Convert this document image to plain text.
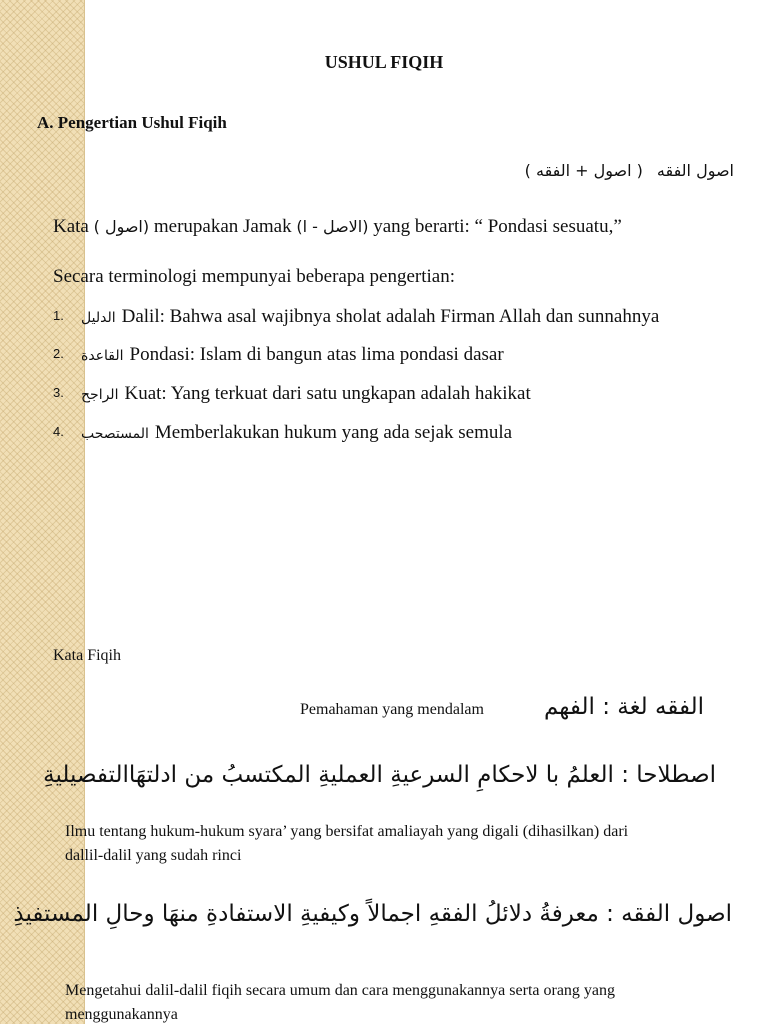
USHUL FIQIH
A. Pengertian Ushul Fiqih
اصول الفقه( اصول + الفقه )
Kata (اصول ) merupakan Jamak (الاصل - ا) yang berarti: “ Pondasi sesuatu,”
Secara terminologi mempunyai beberapa pengertian:
1. الدليل Dalil: Bahwa asal wajibnya sholat adalah Firman Allah dan sunnahnya
2. القاعدة Pondasi: Islam di bangun atas lima pondasi dasar
3. الراجح Kuat: Yang terkuat dari satu ungkapan adalah hakikat
4. المستصحب Memberlakukan hukum yang ada sejak semula
Kata Fiqih
Pemahaman yang mendalam	الفقه لغة : الفهم
اصطلاحا : العلمُ با لاحكامِ السرعيةِ العمليةِ المكتسبُ من ادلتهَاالتفصيليةِ
Ilmu tentang hukum-hukum syara’ yang bersifat amaliayah yang digali (dihasilkan) dari dallil-dalil yang sudah rinci
اصول الفقه : معرفةُ دلائلُ الفقهِ اجمالاً وكيفيةِ الاستفادةِ منهَا وحالِ المستفيذِ
Mengetahui dalil-dalil fiqih secara umum dan cara menggunakannya serta orang yang menggunakannya
